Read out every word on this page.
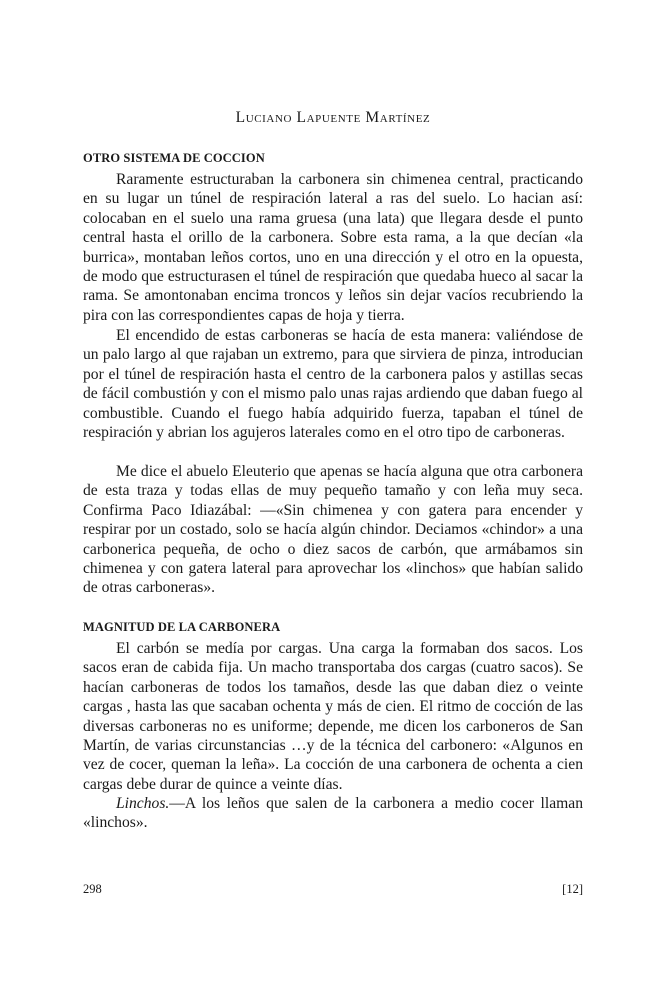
Luciano Lapuente Martínez
OTRO SISTEMA DE COCCION

Raramente estructuraban la carbonera sin chimenea central, practicando en su lugar un túnel de respiración lateral a ras del suelo. Lo hacian así: colocaban en el suelo una rama gruesa (una lata) que llegara desde el punto central hasta el orillo de la carbonera. Sobre esta rama, a la que decían «la burrica», montaban leños cortos, uno en una dirección y el otro en la opuesta, de modo que estructurasen el túnel de respiración que quedaba hueco al sacar la rama. Se amontonaban encima troncos y leños sin dejar vacíos recubriendo la pira con las correspondientes capas de hoja y tierra.

El encendido de estas carboneras se hacía de esta manera: valiéndose de un palo largo al que rajaban un extremo, para que sirviera de pinza, introducian por el túnel de respiración hasta el centro de la carbonera palos y astillas secas de fácil combustión y con el mismo palo unas rajas ardiendo que daban fuego al combustible. Cuando el fuego había adquirido fuerza, tapaban el túnel de respiración y abrian los agujeros laterales como en el otro tipo de carboneras.

Me dice el abuelo Eleuterio que apenas se hacía alguna que otra carbonera de esta traza y todas ellas de muy pequeño tamaño y con leña muy seca. Confirma Paco Idiazábal: —«Sin chimenea y con gatera para encender y respirar por un costado, solo se hacía algún chindor. Deciamos «chindor» a una carbonerica pequeña, de ocho o diez sacos de carbón, que armábamos sin chimenea y con gatera lateral para aprovechar los «linchos» que habían salido de otras carboneras».

MAGNITUD DE LA CARBONERA

El carbón se medía por cargas. Una carga la formaban dos sacos. Los sacos eran de cabida fija. Un macho transportaba dos cargas (cuatro sacos). Se hacían carboneras de todos los tamaños, desde las que daban diez o veinte cargas , hasta las que sacaban ochenta y más de cien. El ritmo de cocción de las diversas carboneras no es uniforme; depende, me dicen los carboneros de San Martín, de varias circunstancias …y de la técnica del carbonero: «Algunos en vez de cocer, queman la leña». La cocción de una carbonera de ochenta a cien cargas debe durar de quince a veinte días.

Linchos.—A los leños que salen de la carbonera a medio cocer llaman «linchos».

298	[12]
